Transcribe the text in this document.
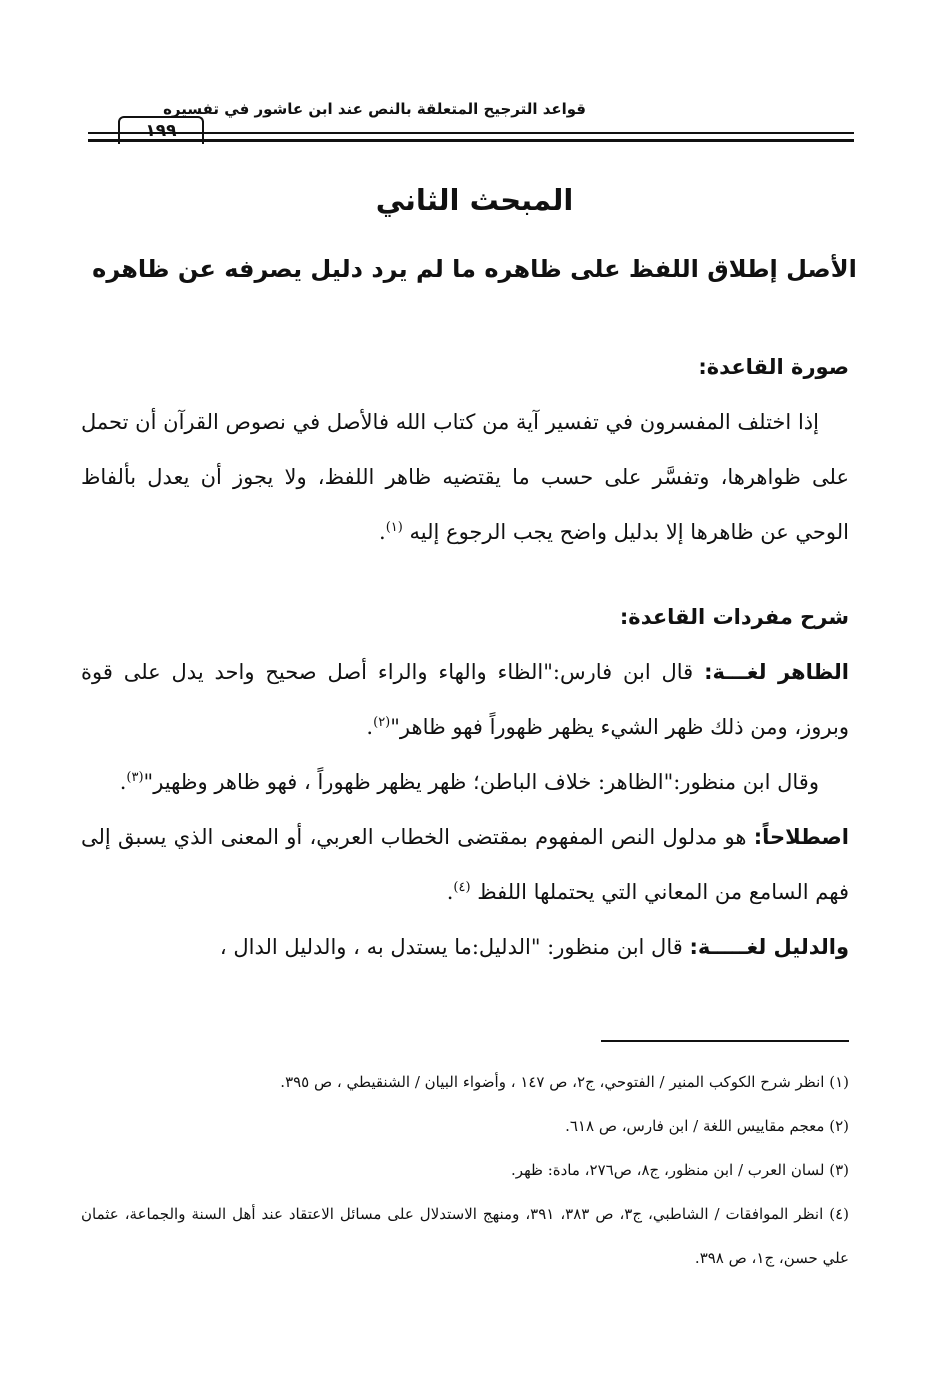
١٩٩
قواعد الترجيح المتعلقة بالنص عند ابن عاشور في تفسيره
المبحث الثاني
الأصل إطلاق اللفظ على ظاهره ما لم يرد دليل يصرفه عن ظاهره
صورة القاعدة:

إذا اختلف المفسرون في تفسير آية من كتاب الله فالأصل في نصوص القرآن أن تحمل على ظواهرها، وتفسَّر على حسب ما يقتضيه ظاهر اللفظ، ولا يجوز أن يعدل بألفاظ الوحي عن ظاهرها إلا بدليل واضح يجب الرجوع إليه $^{(١)}$.

شرح مفردات القاعدة:

الظاهر لغـــة: قال ابن فارس:"الظاء والهاء والراء أصل صحيح واحد يدل على قوة وبروز، ومن ذلك ظهر الشيء يظهر ظهوراً فهو ظاهر"$^{(٢)}$.

وقال ابن منظور:"الظاهر: خلاف الباطن؛ ظهر يظهر ظهوراً ، فهو ظاهر وظهير"$^{(٣)}$.

اصطلاحاً: هو مدلول النص المفهوم بمقتضى الخطاب العربي، أو المعنى الذي يسبق إلى فهم السامع من المعاني التي يحتملها اللفظ $^{(٤)}$.

والدليل لغـــــة: قال ابن منظور: "الدليل:ما يستدل به ، والدليل الدال ،

(١) انظر شرح الكوكب المنير / الفتوحي، ج٢، ص ١٤٧ ، وأضواء البيان / الشنقيطي ، ص ٣٩٥.

(٢) معجم مقاييس اللغة / ابن فارس، ص ٦١٨.

(٣) لسان العرب / ابن منظور، ج٨، ص٢٧٦، مادة: ظهر.

(٤) انظر الموافقات / الشاطبي، ج٣، ص ٣٨٣، ٣٩١، ومنهج الاستدلال على مسائل الاعتقاد عند أهل السنة والجماعة، عثمان علي حسن، ج١، ص ٣٩٨.
